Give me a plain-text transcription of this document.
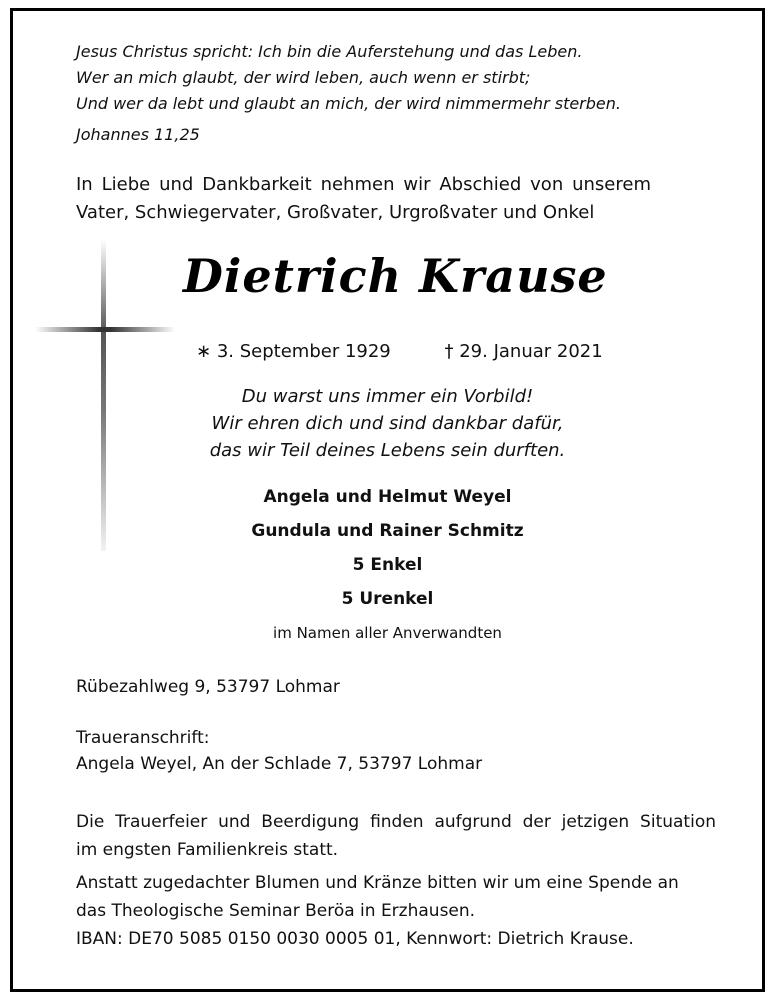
Jesus Christus spricht: Ich bin die Auferstehung und das Leben.
Wer an mich glaubt, der wird leben, auch wenn er stirbt;
Und wer da lebt und glaubt an mich, der wird nimmermehr sterben.
Johannes 11,25
In Liebe und Dankbarkeit nehmen wir Abschied von unserem
Vater, Schwiegervater, Großvater, Urgroßvater und Onkel
Dietrich Krause
∗ 3. September 1929	† 29. Januar 2021
Du warst uns immer ein Vorbild!
Wir ehren dich und sind dankbar dafür,
das wir Teil deines Lebens sein durften.
Angela und Helmut Weyel
Gundula und Rainer Schmitz
5 Enkel
5 Urenkel
im Namen aller Anverwandten
Rübezahlweg 9, 53797 Lohmar
Traueranschrift:
Angela Weyel, An der Schlade 7, 53797 Lohmar
Die Trauerfeier und Beerdigung finden aufgrund der jetzigen Situation
im engsten Familienkreis statt.
Anstatt zugedachter Blumen und Kränze bitten wir um eine Spende an
das Theologische Seminar Beröa in Erzhausen.
IBAN: DE70 5085 0150 0030 0005 01, Kennwort: Dietrich Krause.
